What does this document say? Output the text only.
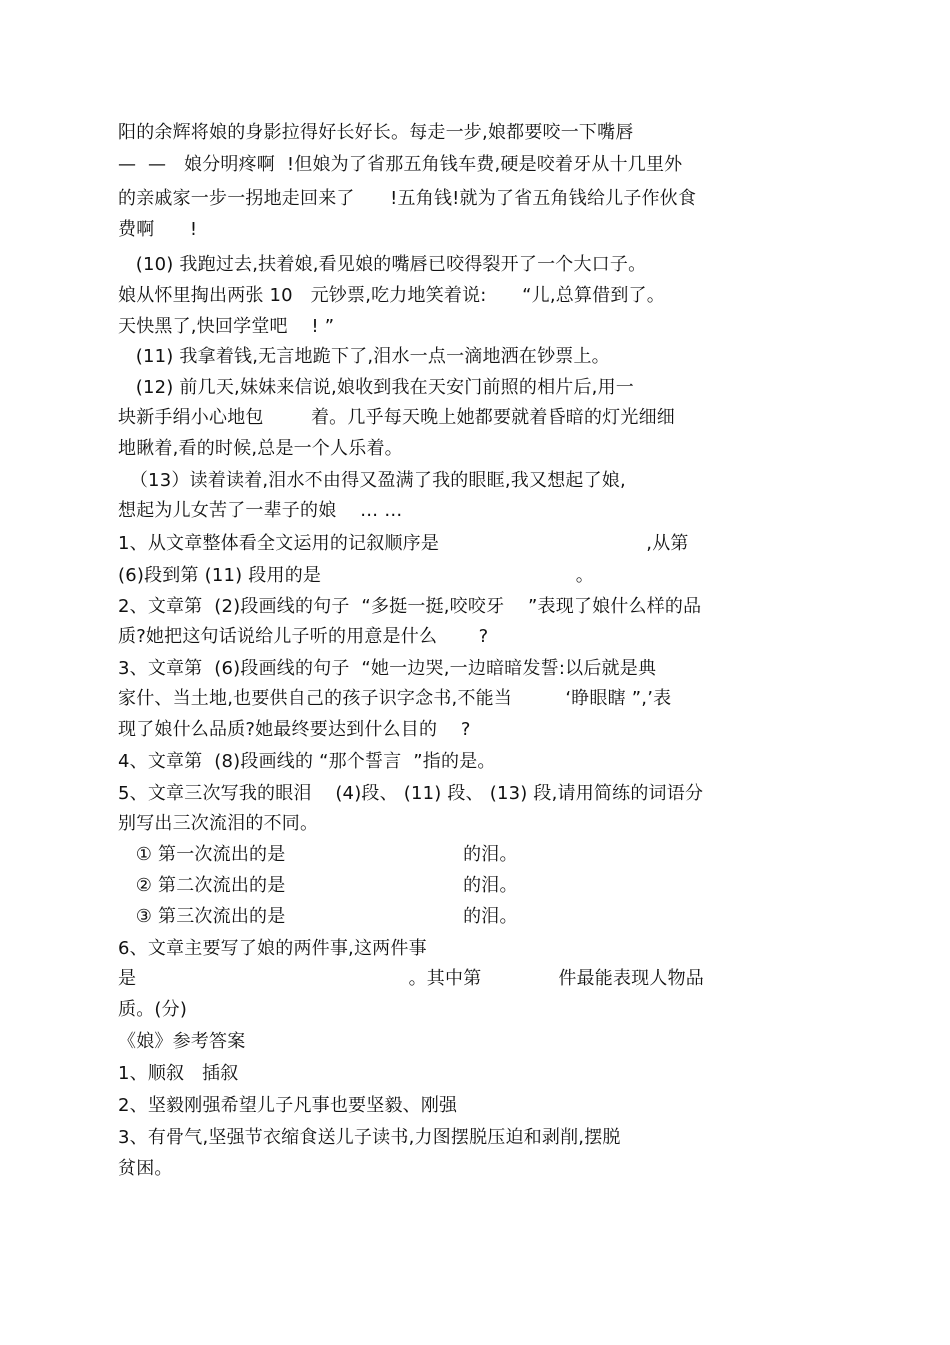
阳的余辉将娘的身影拉得好长好长。每走一步,娘都要咬一下嘴唇
—  —   娘分明疼啊  !但娘为了省那五角钱车费,硬是咬着牙从十几里外
的亲戚家一步一拐地走回来了      !五角钱!就为了省五角钱给儿子作伙食
费啊      !
(10) 我跑过去,扶着娘,看见娘的嘴唇已咬得裂开了一个大口子。
娘从怀里掏出两张 10   元钞票,吃力地笑着说:      “儿,总算借到了。
天快黑了,快回学堂吧    ! ”
(11) 我拿着钱,无言地跪下了,泪水一点一滴地洒在钞票上。
(12) 前几天,妹妹来信说,娘收到我在天安门前照的相片后,用一
块新手绢小心地包        着。几乎每天晚上她都要就着昏暗的灯光细细
地瞅着,看的时候,总是一个人乐着。
（13）读着读着,泪水不由得又盈满了我的眼眶,我又想起了娘,
想起为儿女苦了一辈子的娘    … …
1、从文章整体看全文运用的记叙顺序是                                   ,从第
(6)段到第 (11) 段用的是                                           。
2、文章第  (2)段画线的句子  “多挺一挺,咬咬牙    ”表现了娘什么样的品
质?她把这句话说给儿子听的用意是什么       ?
3、文章第  (6)段画线的句子  “她一边哭,一边暗暗发誓:以后就是典
家什、当土地,也要供自己的孩子识字念书,不能当         ‘睁眼瞎 ”,’表
现了娘什么品质?她最终要达到什么目的    ?
4、文章第  (8)段画线的 “那个誓言  ”指的是。
5、文章三次写我的眼泪    (4)段、 (11) 段、 (13) 段,请用简练的词语分
别写出三次流泪的不同。
① 第一次流出的是                              的泪。
② 第二次流出的是                              的泪。
③ 第三次流出的是                              的泪。
6、文章主要写了娘的两件事,这两件事
是                                              。其中第             件最能表现人物品
质。(分)
《娘》参考答案
1、顺叙   插叙
2、坚毅刚强希望儿子凡事也要坚毅、刚强
3、有骨气,坚强节衣缩食送儿子读书,力图摆脱压迫和剥削,摆脱
贫困。
